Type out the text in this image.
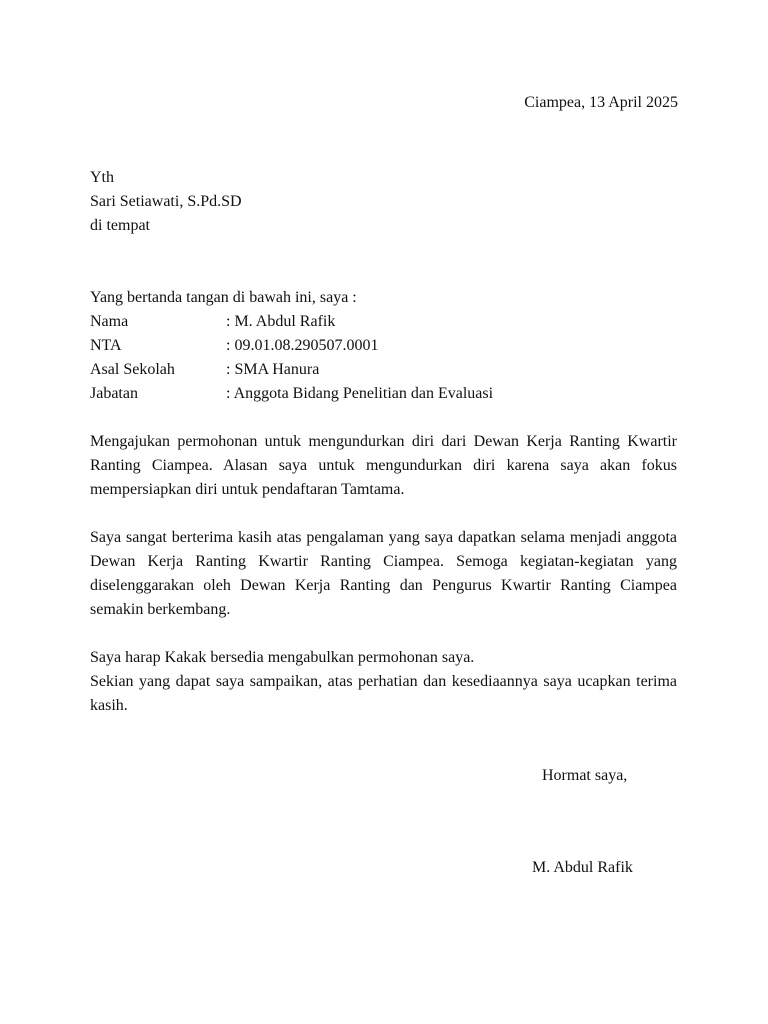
Ciampea, 13 April 2025
Yth
Sari Setiawati, S.Pd.SD
di tempat
Yang bertanda tangan di bawah ini, saya :
Nama	: M. Abdul Rafik
NTA	: 09.01.08.290507.0001
Asal Sekolah	: SMA Hanura
Jabatan	: Anggota Bidang Penelitian dan Evaluasi

Mengajukan permohonan untuk mengundurkan diri dari Dewan Kerja Ranting Kwartir Ranting Ciampea. Alasan saya untuk mengundurkan diri karena saya akan fokus mempersiapkan diri untuk pendaftaran Tamtama.

Saya sangat berterima kasih atas pengalaman yang saya dapatkan selama menjadi anggota Dewan Kerja Ranting Kwartir Ranting Ciampea. Semoga kegiatan-kegiatan yang diselenggarakan oleh Dewan Kerja Ranting dan Pengurus Kwartir Ranting Ciampea semakin berkembang.

Saya harap Kakak bersedia mengabulkan permohonan saya.

Sekian yang dapat saya sampaikan, atas perhatian dan kesediaannya saya ucapkan terima kasih.

Hormat saya,
M. Abdul Rafik
